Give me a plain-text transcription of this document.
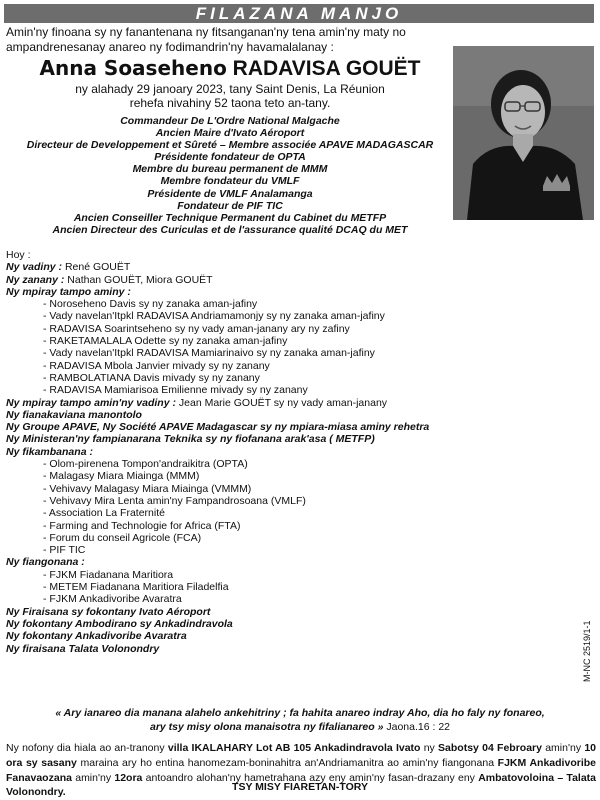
FILAZANA MANJO
Amin'ny finoana sy ny fanantenana ny fitsanganan'ny tena amin'ny maty no ampandrenesanay anareo ny fodimandrin'ny havamalalanay :
Anna Soaseheno RADAVISA GOUËT
ny alahady 29 janoary 2023, tany Saint Denis, La Réunion
rehefa nivahiny 52 taona teto an-tany.
Commandeur De L'Ordre National Malgache
Ancien Maire d'Ivato Aéroport
Directeur de Developpement et Sûreté – Membre associée APAVE MADAGASCAR
Présidente fondateur de OPTA
Membre du bureau permanent de MMM
Membre fondateur du VMLF
Présidente de VMLF Analamanga
Fondateur de PIF TIC
Ancien Conseiller Technique Permanent du Cabinet du METFP
Ancien Directeur des Curiculas et de l'assurance qualité DCAQ du MET
Hoy :
Ny vadiny : René GOUËT
Ny zanany : Nathan GOUËT, Miora GOUËT
Ny mpiray tampo aminy :
- Noroseheno Davis sy ny zanaka aman-jafiny
- Vady navelan'Itpkl RADAVISA Andriamamonjy sy ny zanaka aman-jafiny
- RADAVISA Soarintseheno sy ny vady aman-janany ary ny zafiny
- RAKETAMALALA Odette sy ny zanaka aman-jafiny
- Vady navelan'Itpkl RADAVISA Mamiarinaivo sy ny zanaka aman-jafiny
- RADAVISA Mbola Janvier mivady sy ny zanany
- RAMBOLATIANA Davis mivady sy ny zanany
- RADAVISA Mamiarisoa Emilienne mivady sy ny zanany
Ny mpiray tampo amin'ny vadiny : Jean Marie GOUËT sy ny vady aman-janany
Ny fianakaviana manontolo
Ny Groupe APAVE, Ny Société APAVE Madagascar sy ny mpiara-miasa aminy rehetra
Ny Ministeran'ny fampianarana Teknika sy ny fiofanana arak'asa ( METFP)
Ny fikambanana :
- Olom-pirenena Tompon'andraikitra (OPTA)
- Malagasy Miara Miainga (MMM)
- Vehivavy Malagasy Miara Miainga (VMMM)
- Vehivavy Mira Lenta amin'ny Fampandrosoana (VMLF)
- Association La Fraternité
- Farming and Technologie for Africa (FTA)
- Forum du conseil Agricole (FCA)
- PIF TIC
Ny fiangonana :
- FJKM Fiadanana Maritiora
- METEM Fiadanana Maritiora Filadelfia
- FJKM Ankadivoribe Avaratra
Ny Firaisana sy fokontany Ivato Aéroport
Ny fokontany Ambodirano sy Ankadindravola
Ny fokontany Ankadivoribe Avaratra
Ny firaisana Talata Volonondry
« Ary ianareo dia manana alahelo ankehitriny ; fa hahita anareo indray Aho, dia ho faly ny fonareo,
ary tsy misy olona manaisotra ny fifalianareo » Jaona.16 : 22
Ny nofony dia hiala ao an-tranony villa IKALAHARY Lot AB 105 Ankadindravola Ivato ny Sabotsy 04 Febroary amin'ny 10 ora sy sasany maraina ary ho entina hanomezam-boninahitra an'Andriamanitra ao amin'ny fiangonana FJKM Ankadivoribe Fanavaozana amin'ny 12ora antoandro alohan'ny hametrahana azy eny amin'ny fasan-drazany eny Ambatovoloina – Talata Volonondry.	TSY MISY FIARETAN-TORY
M-NC 2519/1-1
